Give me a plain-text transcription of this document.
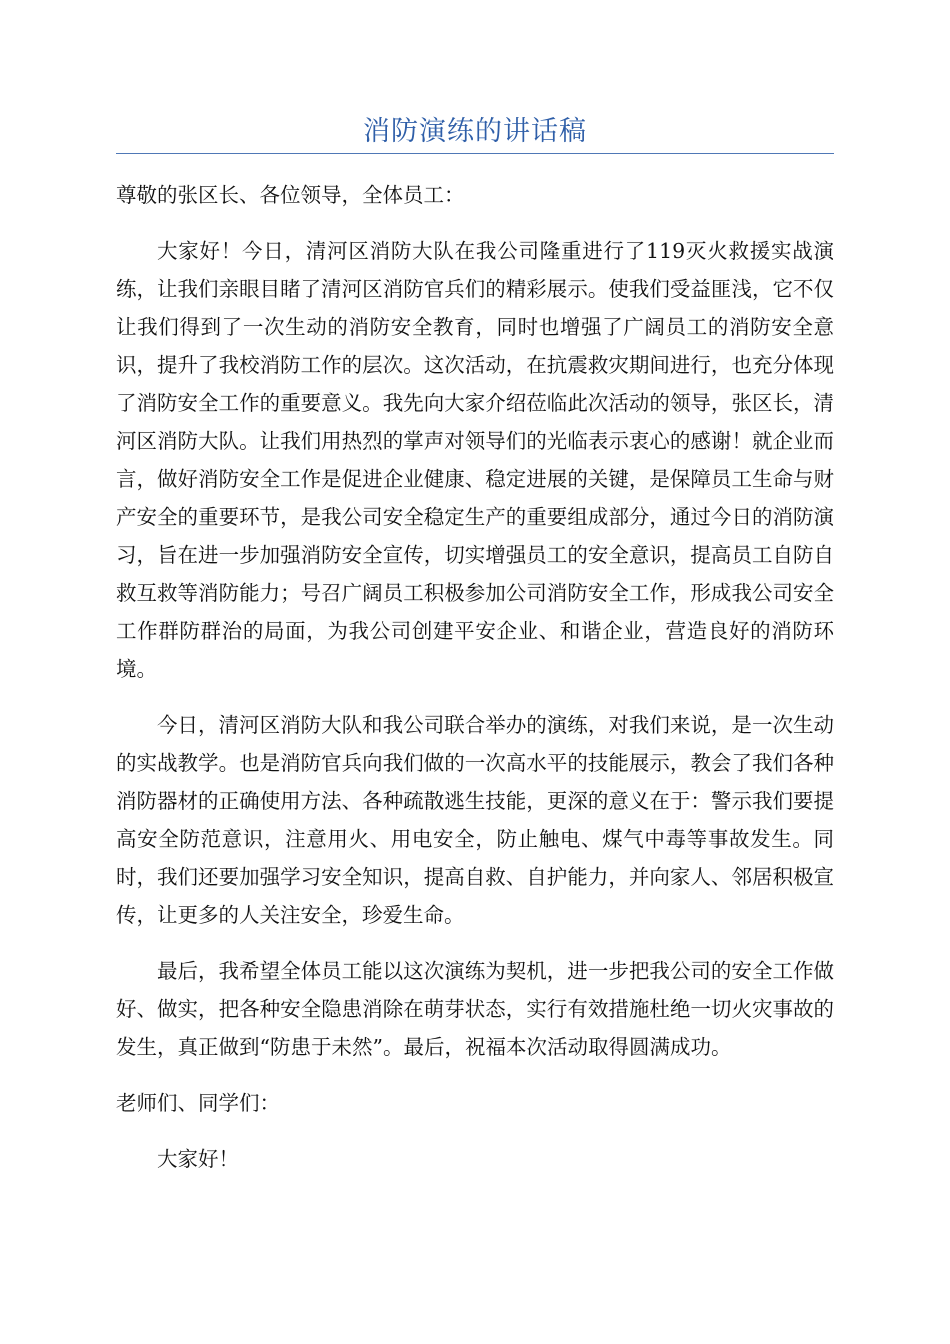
消防演练的讲话稿

尊敬的张区长、各位领导，全体员工：

大家好！今日，清河区消防大队在我公司隆重进行了119灭火救援实战演练，让我们亲眼目睹了清河区消防官兵们的精彩展示。使我们受益匪浅，它不仅让我们得到了一次生动的消防安全教育，同时也增强了广阔员工的消防安全意识，提升了我校消防工作的层次。这次活动，在抗震救灾期间进行，也充分体现了消防安全工作的重要意义。我先向大家介绍莅临此次活动的领导，张区长，清河区消防大队。让我们用热烈的掌声对领导们的光临表示衷心的感谢！就企业而言，做好消防安全工作是促进企业健康、稳定进展的关键，是保障员工生命与财产安全的重要环节，是我公司安全稳定生产的重要组成部分，通过今日的消防演习，旨在进一步加强消防安全宣传，切实增强员工的安全意识，提高员工自防自救互救等消防能力；号召广阔员工积极参加公司消防安全工作，形成我公司安全工作群防群治的局面，为我公司创建平安企业、和谐企业，营造良好的消防环境。

今日，清河区消防大队和我公司联合举办的演练，对我们来说，是一次生动的实战教学。也是消防官兵向我们做的一次高水平的技能展示，教会了我们各种消防器材的正确使用方法、各种疏散逃生技能，更深的意义在于：警示我们要提高安全防范意识，注意用火、用电安全，防止触电、煤气中毒等事故发生。同时，我们还要加强学习安全知识，提高自救、自护能力，并向家人、邻居积极宣传，让更多的人关注安全，珍爱生命。

最后，我希望全体员工能以这次演练为契机，进一步把我公司的安全工作做好、做实，把各种安全隐患消除在萌芽状态，实行有效措施杜绝一切火灾事故的发生，真正做到“防患于未然”。最后，祝福本次活动取得圆满成功。

老师们、同学们：

大家好！
